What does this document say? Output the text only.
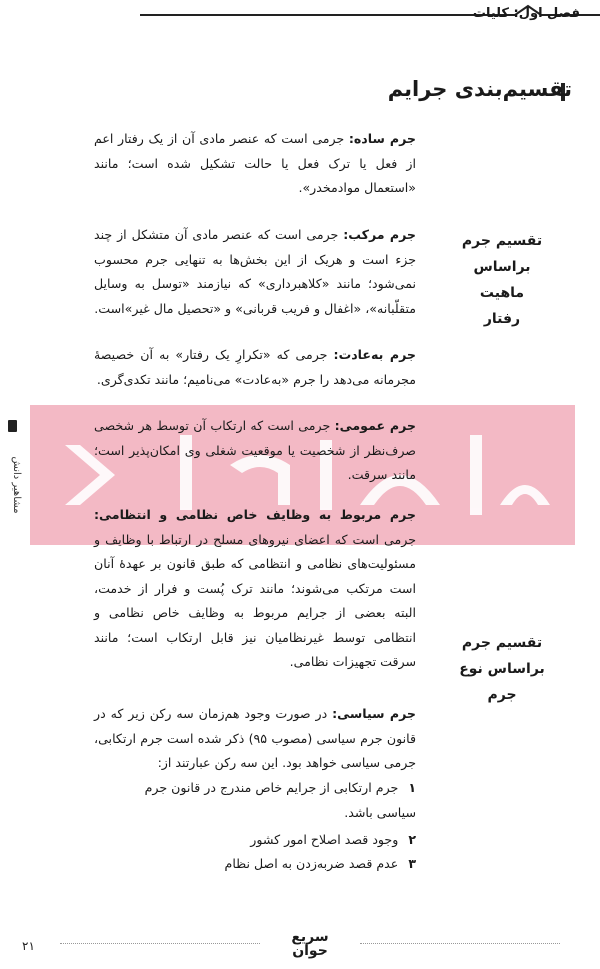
فصل اول: کلیات
تقسیم‌بندی جرایم
تقسیم جرم
براساس ماهیت
رفتار
تقسیم جرم
براساس نوع جرم
جرم ساده: جرمی است که عنصر مادی آن از یک رفتار اعم از فعل یا ترک فعل یا حالت تشکیل شده است؛ مانند «استعمال موادمخدر».
جرم مرکب: جرمی است که عنصر مادی آن متشکل از چند جزء است و هریک از این بخش‌ها به تنهایی جرم محسوب نمی‌شود؛ مانند «کلاهبرداری» که نیازمند «توسل به وسایل متقلّبانه»، «اغفال و فریب قربانی» و «تحصیل مال غیر»است.
جرم به‌عادت: جرمی که «تکرارِ یک رفتار» به آن خصیصهٔ مجرمانه می‌دهد را جرم «به‌عادت» می‌نامیم؛ مانند تکدی‌گری.
جرم عمومی: جرمی است که ارتکاب آن توسط هر شخصی صرف‌نظر از شخصیت یا موقعیت شغلی وی امکان‌پذیر است؛ مانند سرقت.
جرم مربوط به وظایف خاص نظامی و انتظامی: جرمی است که اعضای نیروهای مسلح در ارتباط با وظایف و مسئولیت‌های نظامی و انتظامی که طبق قانون بر عهدهٔ آنان است مرتکب می‌شوند؛ مانند ترک پُست و فرار از خدمت، البته بعضی از جرایم مربوط به وظایف خاص نظامی و انتظامی توسط غیرنظامیان نیز قابل ارتکاب است؛ مانند سرقت تجهیزات نظامی.
جرم سیاسی: در صورت وجود هم‌زمان سه رکن زیر که در قانون جرم سیاسی (مصوب ۹۵) ذکر شده است جرم ارتکابی، جرمی سیاسی خواهد بود. این سه رکن عبارتند از:
۱جرم ارتکابی از جرایم خاص مندرج در قانون جرم سیاسی باشد.
۲وجود قصد اصلاح امور کشور
۳عدم قصد ضربه‌زدن به اصل نظام
مشاهیر دانش
سریع
حوان
۲۱
